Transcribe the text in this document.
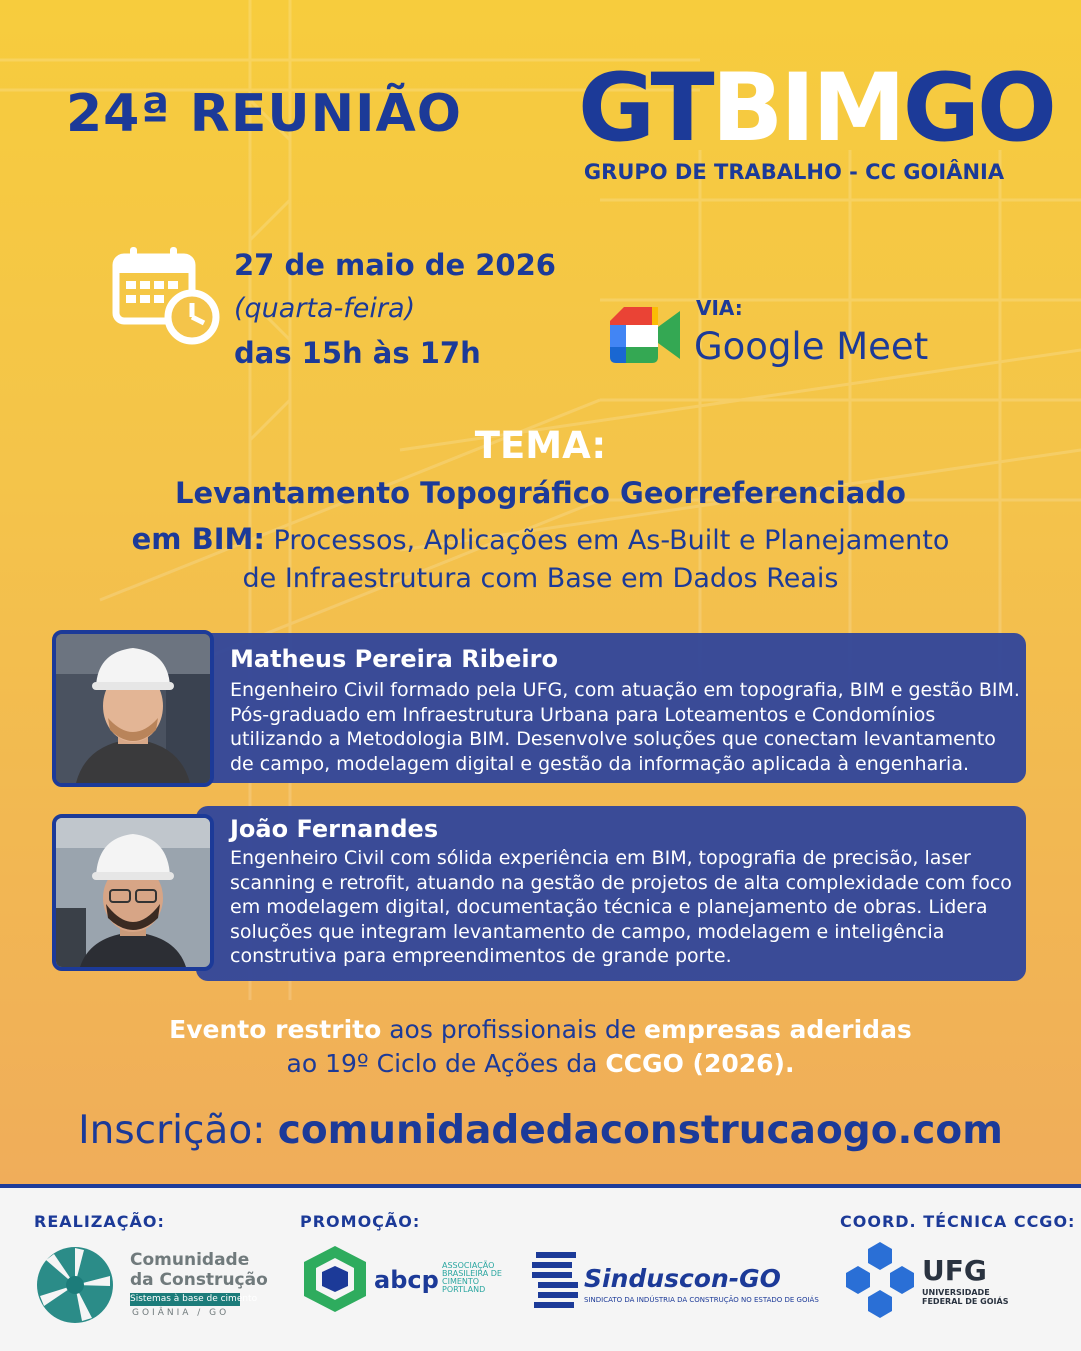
24ª REUNIÃO GTBIMGO
GRUPO DE TRABALHO - CC GOIÂNIA
27 de maio de 2026
(quarta-feira)
das 15h às 17h
VIA:
Google Meet
TEMA:
Levantamento Topográfico Georreferenciado
em BIM: Processos, Aplicações em As-Built e Planejamento
de Infraestrutura com Base em Dados Reais
Matheus Pereira Ribeiro
Engenheiro Civil formado pela UFG, com atuação em topografia, BIM e gestão BIM. Pós-graduado em Infraestrutura Urbana para Loteamentos e Condomínios utilizando a Metodologia BIM. Desenvolve soluções que conectam levantamento de campo, modelagem digital e gestão da informação aplicada à engenharia.
João Fernandes
Engenheiro Civil com sólida experiência em BIM, topografia de precisão, laser scanning e retrofit, atuando na gestão de projetos de alta complexidade com foco em modelagem digital, documentação técnica e planejamento de obras. Lidera soluções que integram levantamento de campo, modelagem e inteligência construtiva para empreendimentos de grande porte.
Evento restrito aos profissionais de empresas aderidas
ao 19º Ciclo de Ações da CCGO (2026).
Inscrição: comunidadedaconstrucaogo.com
REALIZAÇÃO:	PROMOÇÃO:	COORD. TÉCNICA CCGO:
Comunidade
da Construção
Sistemas à base de cimento
GOIÂNIA / GO
abcp
ASSOCIAÇÃO BRASILEIRA DE CIMENTO PORTLAND	Sinduscon-GO
SINDICATO DA INDÚSTRIA DA CONSTRUÇÃO NO ESTADO DE GOIÁS
UFG
UNIVERSIDADE FEDERAL DE GOIÁS
